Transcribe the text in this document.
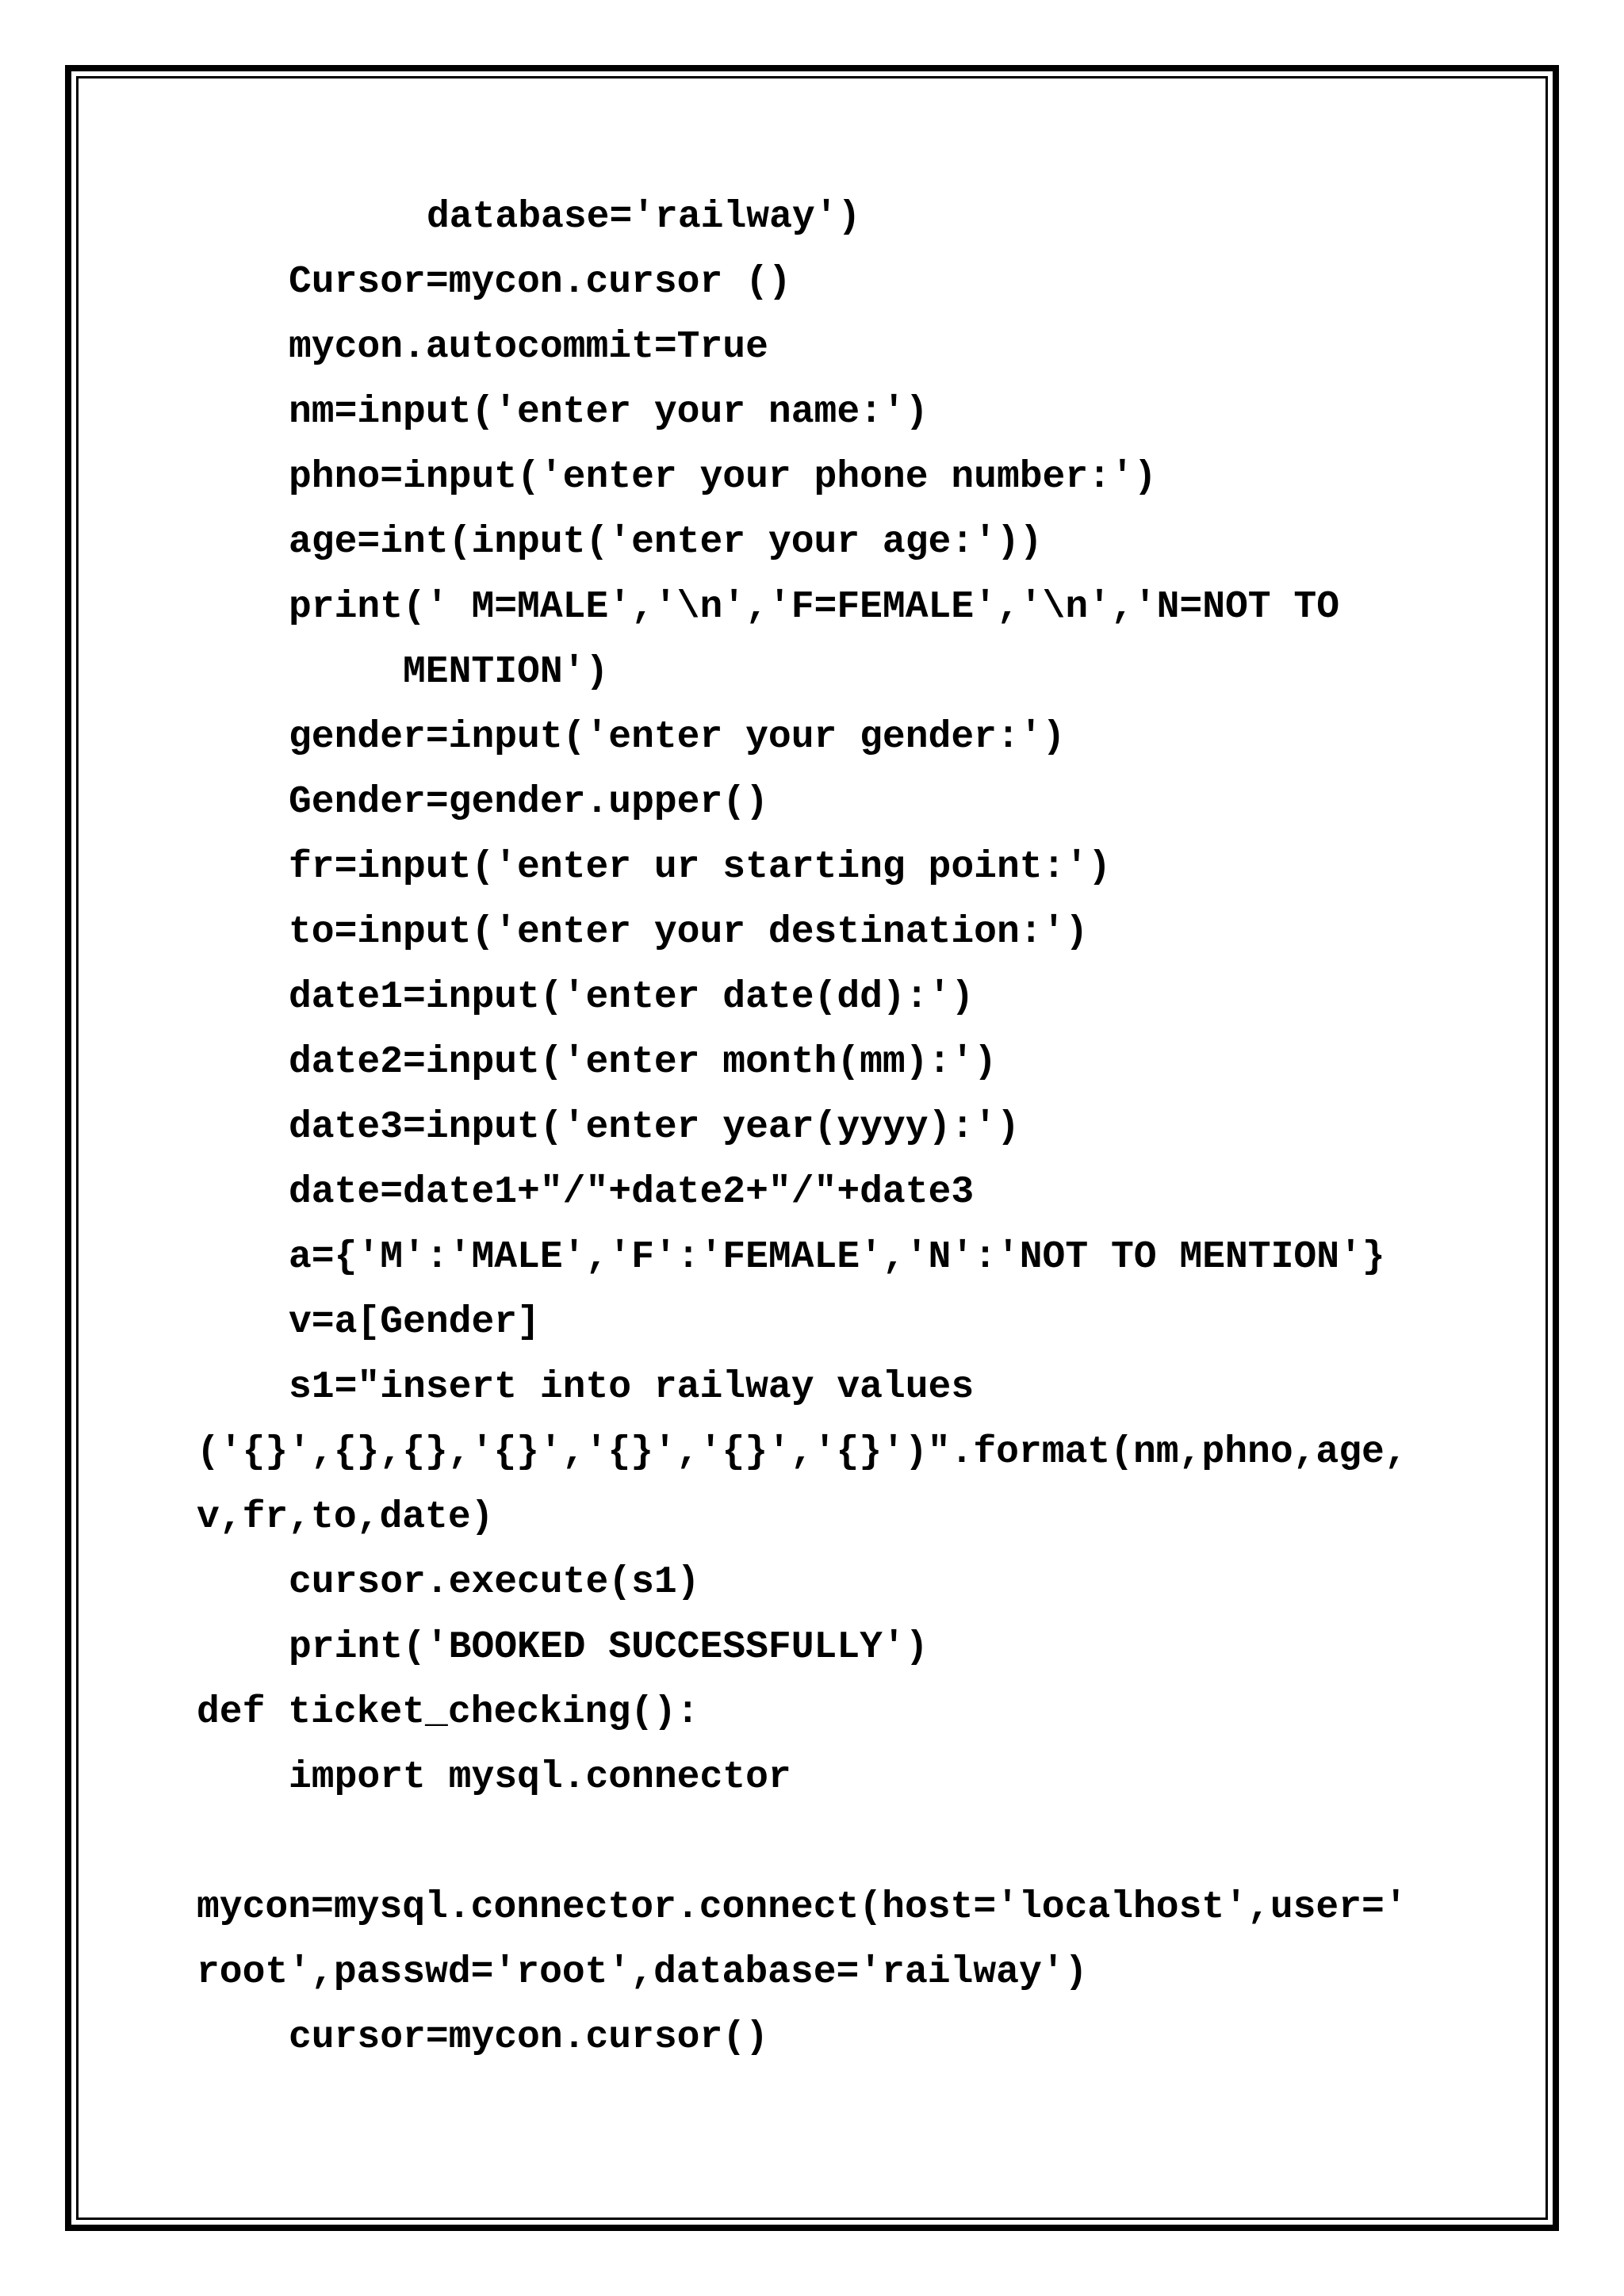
database='railway')
Cursor=mycon.cursor ()
mycon.autocommit=True
nm=input('enter your name:')
phno=input('enter your phone number:')
age=int(input('enter your age:'))
print(' M=MALE','\n','F=FEMALE','\n','N=NOT TO
MENTION')
gender=input('enter your gender:')
Gender=gender.upper()
fr=input('enter ur starting point:')
to=input('enter your destination:')
date1=input('enter date(dd):')
date2=input('enter month(mm):')
date3=input('enter year(yyyy):')
date=date1+"/"+date2+"/"+date3
a={'M':'MALE','F':'FEMALE','N':'NOT TO MENTION'}
v=a[Gender]
s1="insert into railway values
('{}',{},{},'{}','{}','{}','{}')".format(nm,phno,age,
v,fr,to,date)
cursor.execute(s1)
print('BOOKED SUCCESSFULLY')
def ticket_checking():
import mysql.connector
mycon=mysql.connector.connect(host='localhost',user='
root',passwd='root',database='railway')
cursor=mycon.cursor()
